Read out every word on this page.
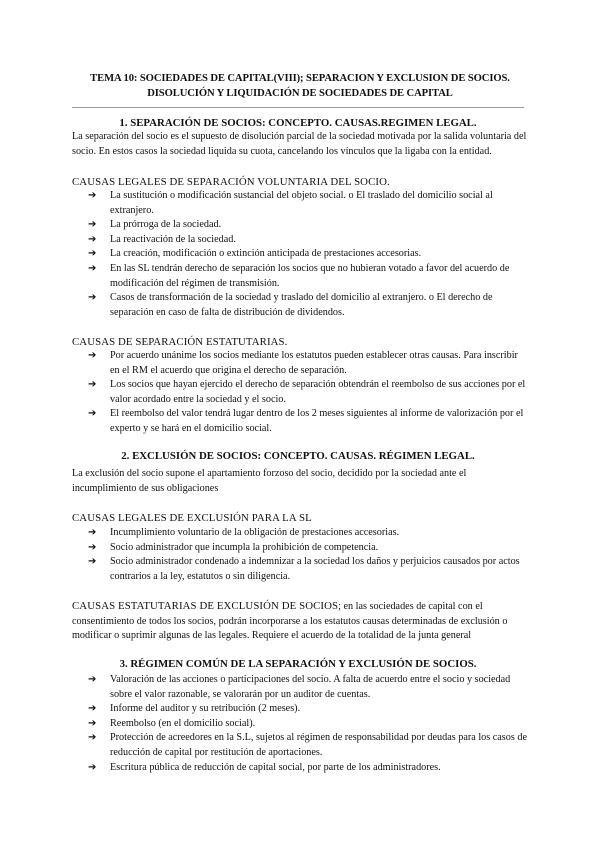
TEMA 10: SOCIEDADES DE CAPITAL(VIII); SEPARACION Y EXCLUSION DE SOCIOS.
DISOLUCIÓN Y LIQUIDACIÓN DE SOCIEDADES DE CAPITAL
1. SEPARACIÓN DE SOCIOS: CONCEPTO. CAUSAS.REGIMEN LEGAL.
La separación del socio es el supuesto de disolución parcial de la sociedad motivada por la salida voluntaria del socio. En estos casos la sociedad liquida su cuota, cancelando los vínculos que la ligaba con la entidad.
CAUSAS LEGALES DE SEPARACIÓN VOLUNTARIA DEL SOCIO.
➔ La sustitución o modificación sustancial del objeto social. o El traslado del domicilio social al extranjero.
➔ La prórroga de la sociedad.
➔ La reactivación de la sociedad.
➔ La creación, modificación o extinción anticipada de prestaciones accesorias.
➔ En las SL tendrán derecho de separación los socios que no hubieran votado a favor del acuerdo de modificación del régimen de transmisión.
➔ Casos de transformación de la sociedad y traslado del domicilio al extranjero. o El derecho de separación en caso de falta de distribución de dividendos.
CAUSAS DE SEPARACIÓN ESTATUTARIAS.
➔ Por acuerdo unánime los socios mediante los estatutos pueden establecer otras causas. Para inscribir en el RM el acuerdo que origina el derecho de separación.
➔ Los socios que hayan ejercido el derecho de separación obtendrán el reembolso de sus acciones por el valor acordado entre la sociedad y el socio.
➔ El reembolso del valor tendrá lugar dentro de los 2 meses siguientes al informe de valorización por el experto y se hará en el domicilio social.
2. EXCLUSIÓN DE SOCIOS: CONCEPTO. CAUSAS. RÉGIMEN LEGAL.
La exclusión del socio supone el apartamiento forzoso del socio, decidido por la sociedad ante el incumplimiento de sus obligaciones
CAUSAS LEGALES DE EXCLUSIÓN PARA LA SL
➔ Incumplimiento voluntario de la obligación de prestaciones accesorias.
➔ Socio administrador que incumpla la prohibición de competencia.
➔ Socio administrador condenado a indemnizar a la sociedad los daños y perjuicios causados por actos contrarios a la ley, estatutos o sin diligencia.
CAUSAS ESTATUTARIAS DE EXCLUSIÓN DE SOCIOS; en las sociedades de capital con el consentimiento de todos los socios, podrán incorporarse a los estatutos causas determinadas de exclusión o modificar o suprimir algunas de las legales. Requiere el acuerdo de la totalidad de la junta general
3. RÉGIMEN COMÚN DE LA SEPARACIÓN Y EXCLUSIÓN DE SOCIOS.
➔ Valoración de las acciones o participaciones del socio. A falta de acuerdo entre el socio y sociedad sobre el valor razonable, se valorarán por un auditor de cuentas.
➔ Informe del auditor y su retribución (2 meses).
➔ Reembolso (en el domicilio social).
➔ Protección de acreedores en la S.L, sujetos al régimen de responsabilidad por deudas para los casos de reducción de capital por restitución de aportaciones.
➔ Escritura pública de reducción de capital social, por parte de los administradores.
